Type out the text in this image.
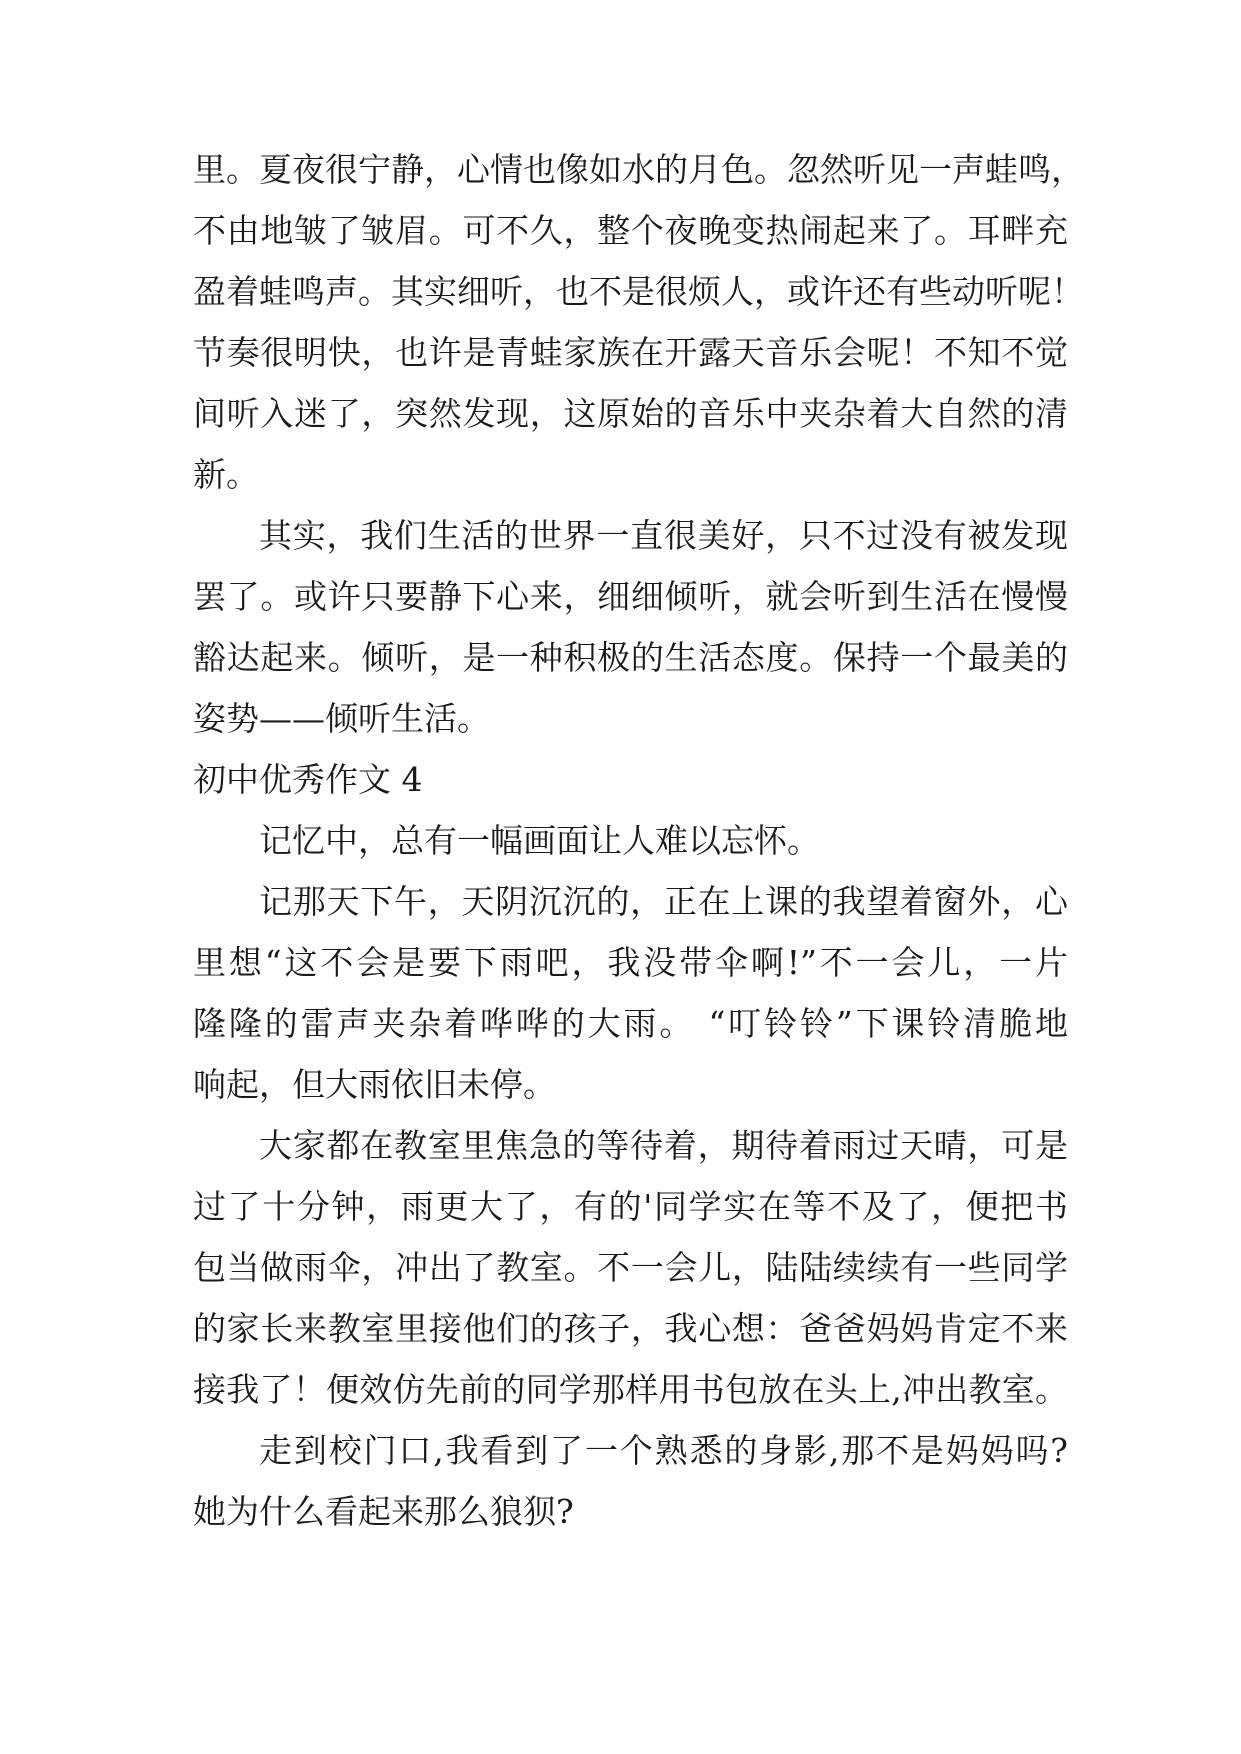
里。夏夜很宁静，心情也像如水的月色。忽然听见一声蛙鸣，
不由地皱了皱眉。可不久，整个夜晚变热闹起来了。耳畔充
盈着蛙鸣声。其实细听，也不是很烦人，或许还有些动听呢！
节奏很明快，也许是青蛙家族在开露天音乐会呢！不知不觉
间听入迷了，突然发现，这原始的音乐中夹杂着大自然的清
新。
其实，我们生活的世界一直很美好，只不过没有被发现
罢了。或许只要静下心来，细细倾听，就会听到生活在慢慢
豁达起来。倾听，是一种积极的生活态度。保持一个最美的
姿势——倾听生活。
初中优秀作文 4
记忆中，总有一幅画面让人难以忘怀。
记那天下午，天阴沉沉的，正在上课的我望着窗外，心
里想“这不会是要下雨吧，我没带伞啊!”不一会儿，一片
隆隆的雷声夹杂着哗哗的大雨。 “叮铃铃”下课铃清脆地
响起，但大雨依旧未停。
大家都在教室里焦急的等待着，期待着雨过天晴，可是
过了十分钟，雨更大了，有的'同学实在等不及了，便把书
包当做雨伞，冲出了教室。不一会儿，陆陆续续有一些同学
的家长来教室里接他们的孩子，我心想：爸爸妈妈肯定不来
接我了！便效仿先前的同学那样用书包放在头上,冲出教室。
走到校门口,我看到了一个熟悉的身影,那不是妈妈吗?
她为什么看起来那么狼狈?
